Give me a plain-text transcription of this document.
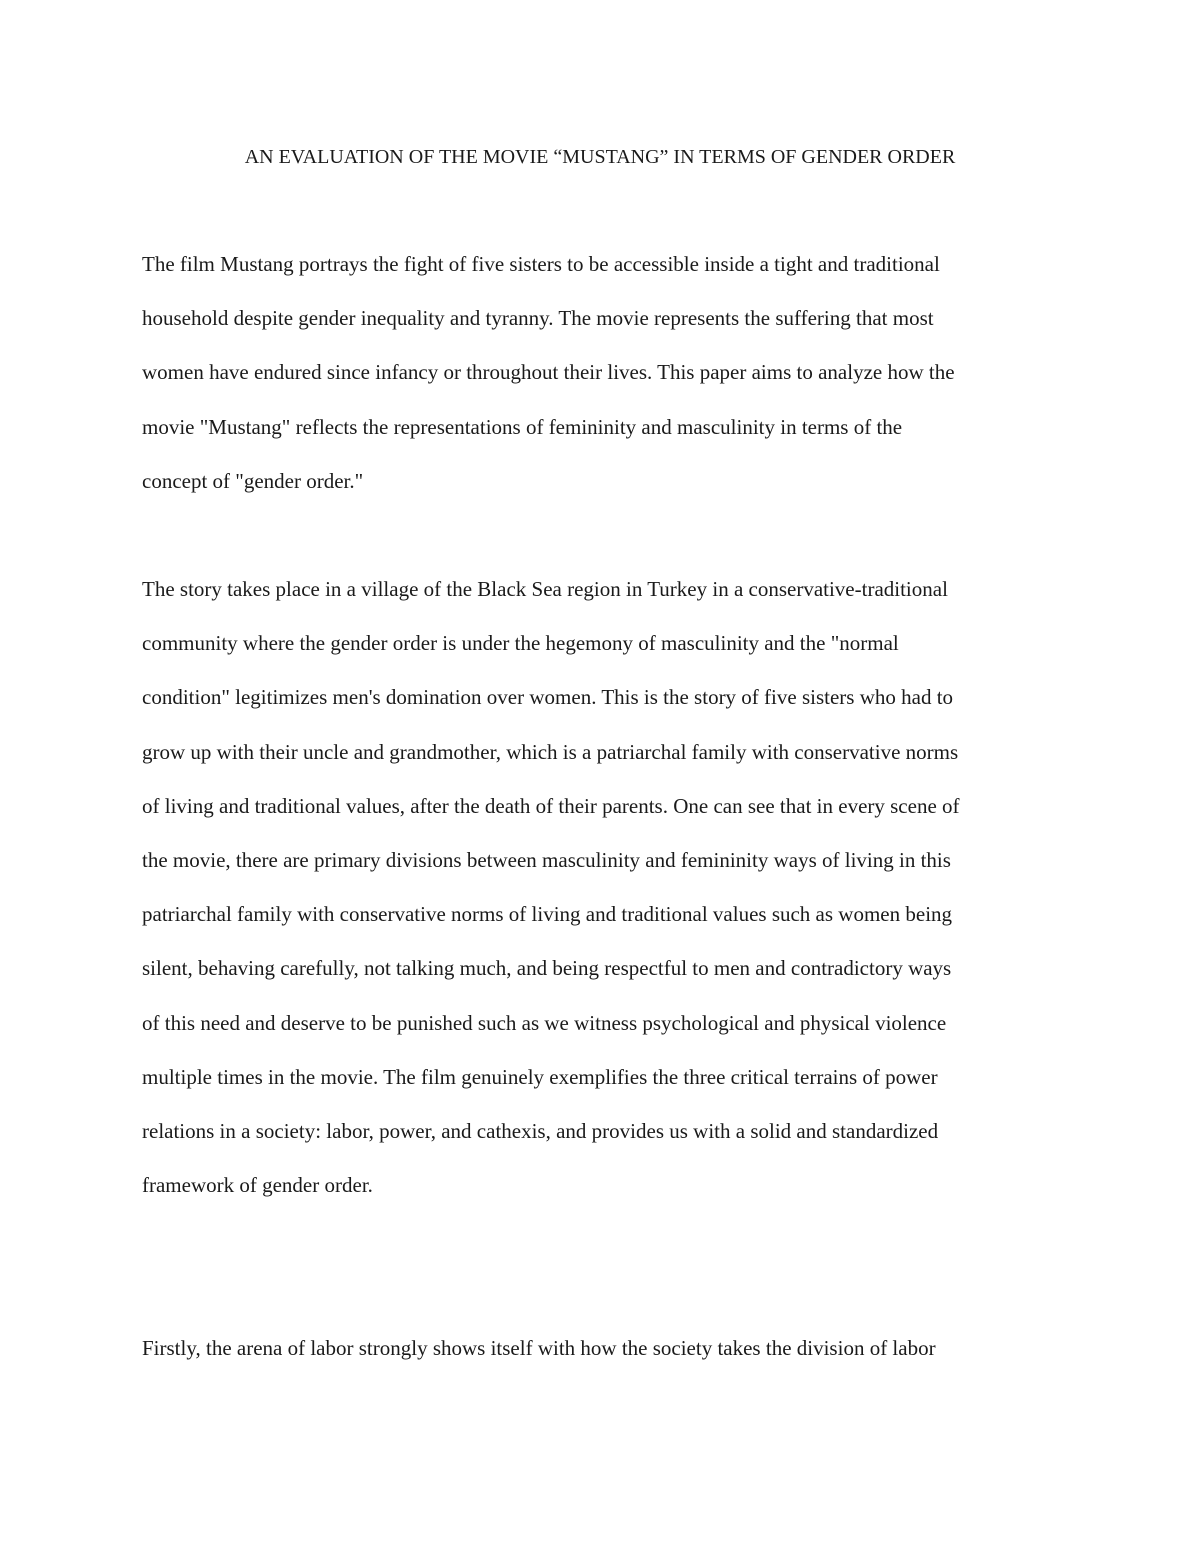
AN EVALUATION OF THE MOVIE “MUSTANG” IN TERMS OF GENDER ORDER
The film Mustang portrays the fight of five sisters to be accessible inside a tight and traditional
household despite gender inequality and tyranny. The movie represents the suffering that most
women have endured since infancy or throughout their lives. This paper aims to analyze how the
movie "Mustang" reflects the representations of femininity and masculinity in terms of the
concept of "gender order."
The story takes place in a village of the Black Sea region in Turkey in a conservative-traditional
community where the gender order is under the hegemony of masculinity and the "normal
condition" legitimizes men's domination over women. This is the story of five sisters who had to
grow up with their uncle and grandmother, which is a patriarchal family with conservative norms
of living and traditional values, after the death of their parents. One can see that in every scene of
the movie, there are primary divisions between masculinity and femininity ways of living in this
patriarchal family with conservative norms of living and traditional values such as women being
silent, behaving carefully, not talking much, and being respectful to men and contradictory ways
of this need and deserve to be punished such as we witness psychological and physical violence
multiple times in the movie. The film genuinely exemplifies the three critical terrains of power
relations in a society: labor, power, and cathexis, and provides us with a solid and standardized
framework of gender order.
Firstly, the arena of labor strongly shows itself with how the society takes the division of labor
